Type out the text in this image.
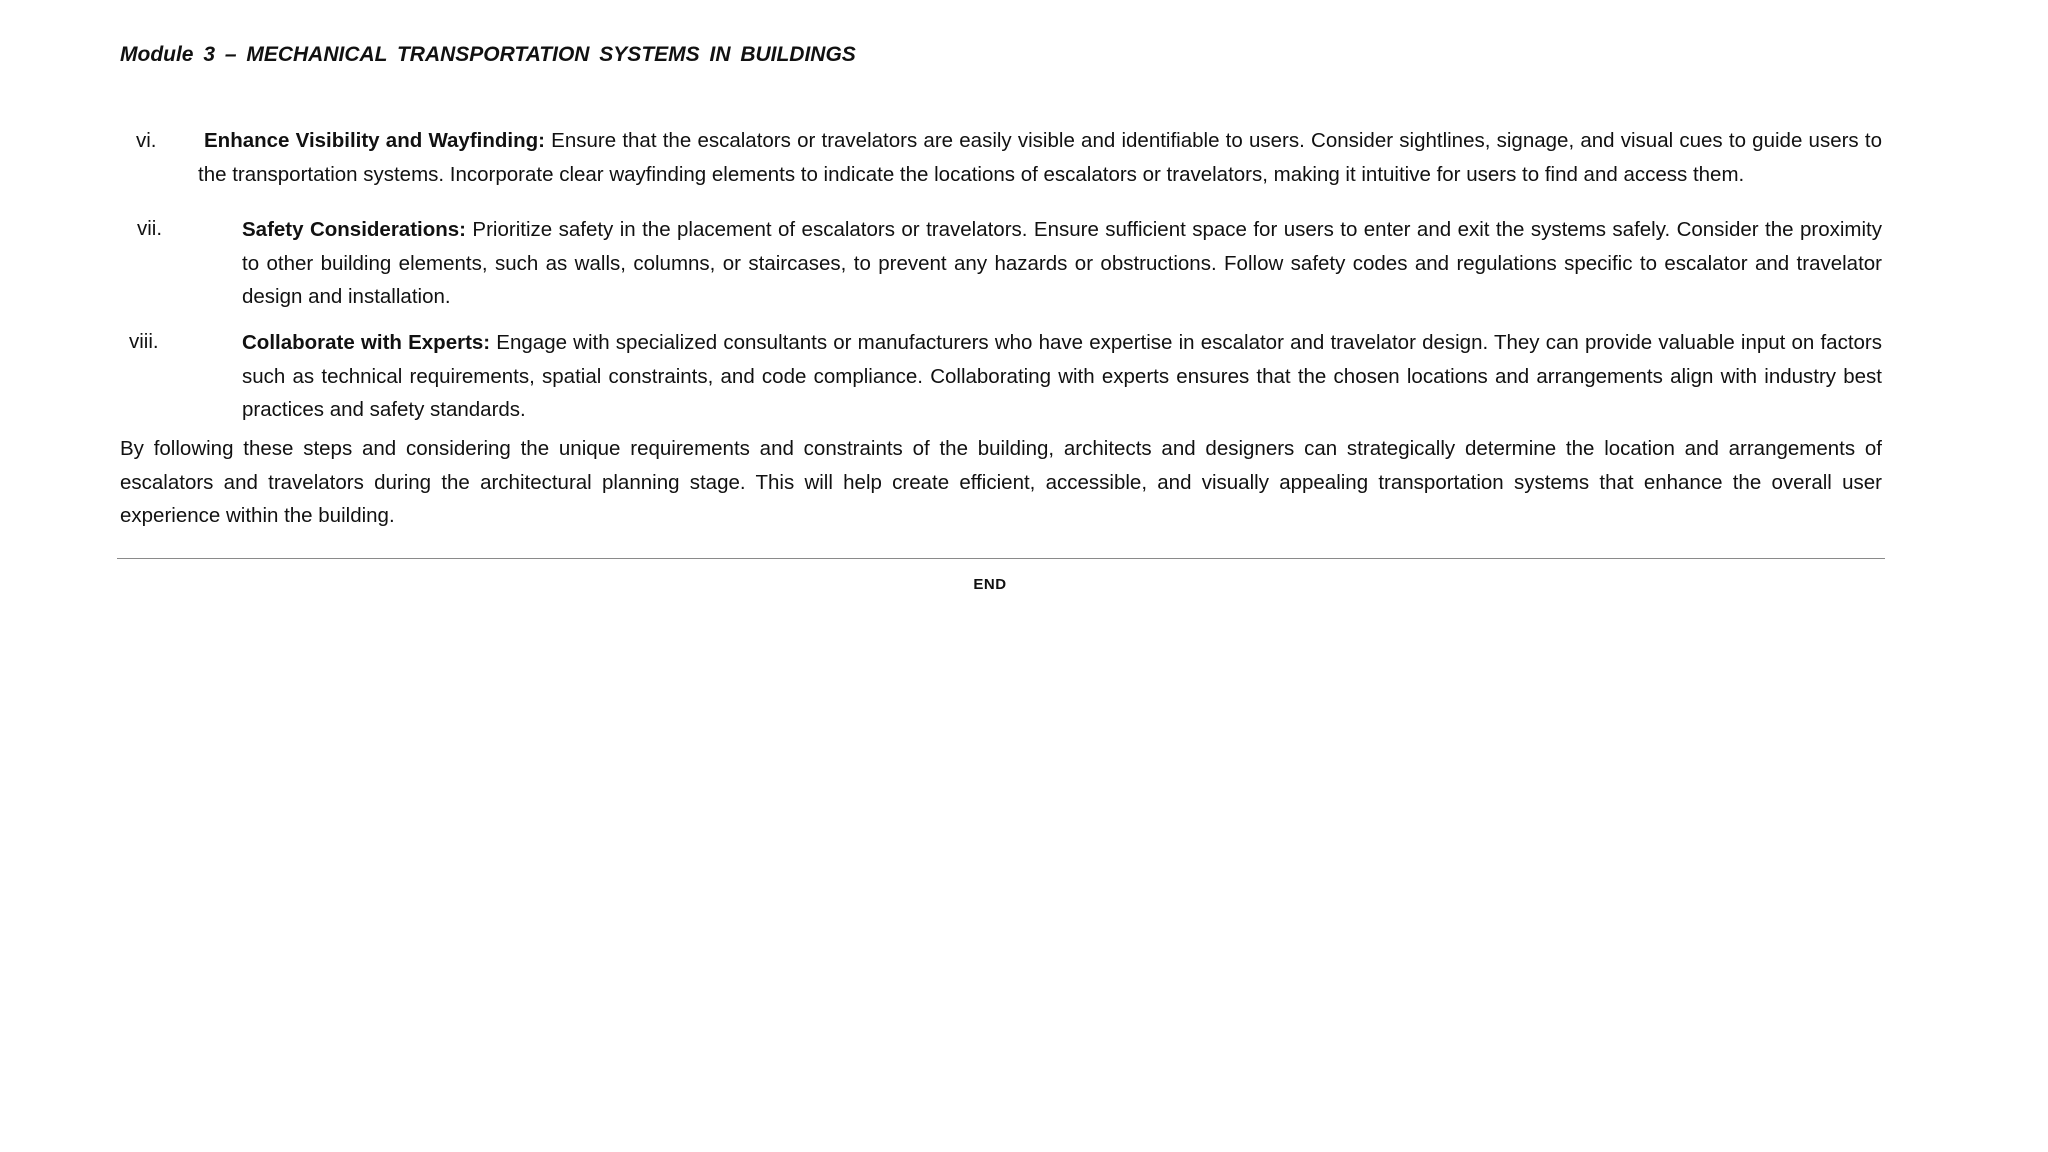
Module 3 – MECHANICAL TRANSPORTATION SYSTEMS IN BUILDINGS
vi. Enhance Visibility and Wayfinding: Ensure that the escalators or travelators are easily visible and identifiable to users. Consider sightlines, signage, and visual cues to guide users to the transportation systems. Incorporate clear wayfinding elements to indicate the locations of escalators or travelators, making it intuitive for users to find and access them.
vii.	Safety Considerations: Prioritize safety in the placement of escalators or travelators. Ensure sufficient space for users to enter and exit the systems safely. Consider the proximity to other building elements, such as walls, columns, or staircases, to prevent any hazards or obstructions. Follow safety codes and regulations specific to escalator and travelator design and installation.
viii.	Collaborate with Experts: Engage with specialized consultants or manufacturers who have expertise in escalator and travelator design. They can provide valuable input on factors such as technical requirements, spatial constraints, and code compliance. Collaborating with experts ensures that the chosen locations and arrangements align with industry best practices and safety standards.
By following these steps and considering the unique requirements and constraints of the building, architects and designers can strategically determine the location and arrangements of escalators and travelators during the architectural planning stage. This will help create efficient, accessible, and visually appealing transportation systems that enhance the overall user experience within the building.
END
